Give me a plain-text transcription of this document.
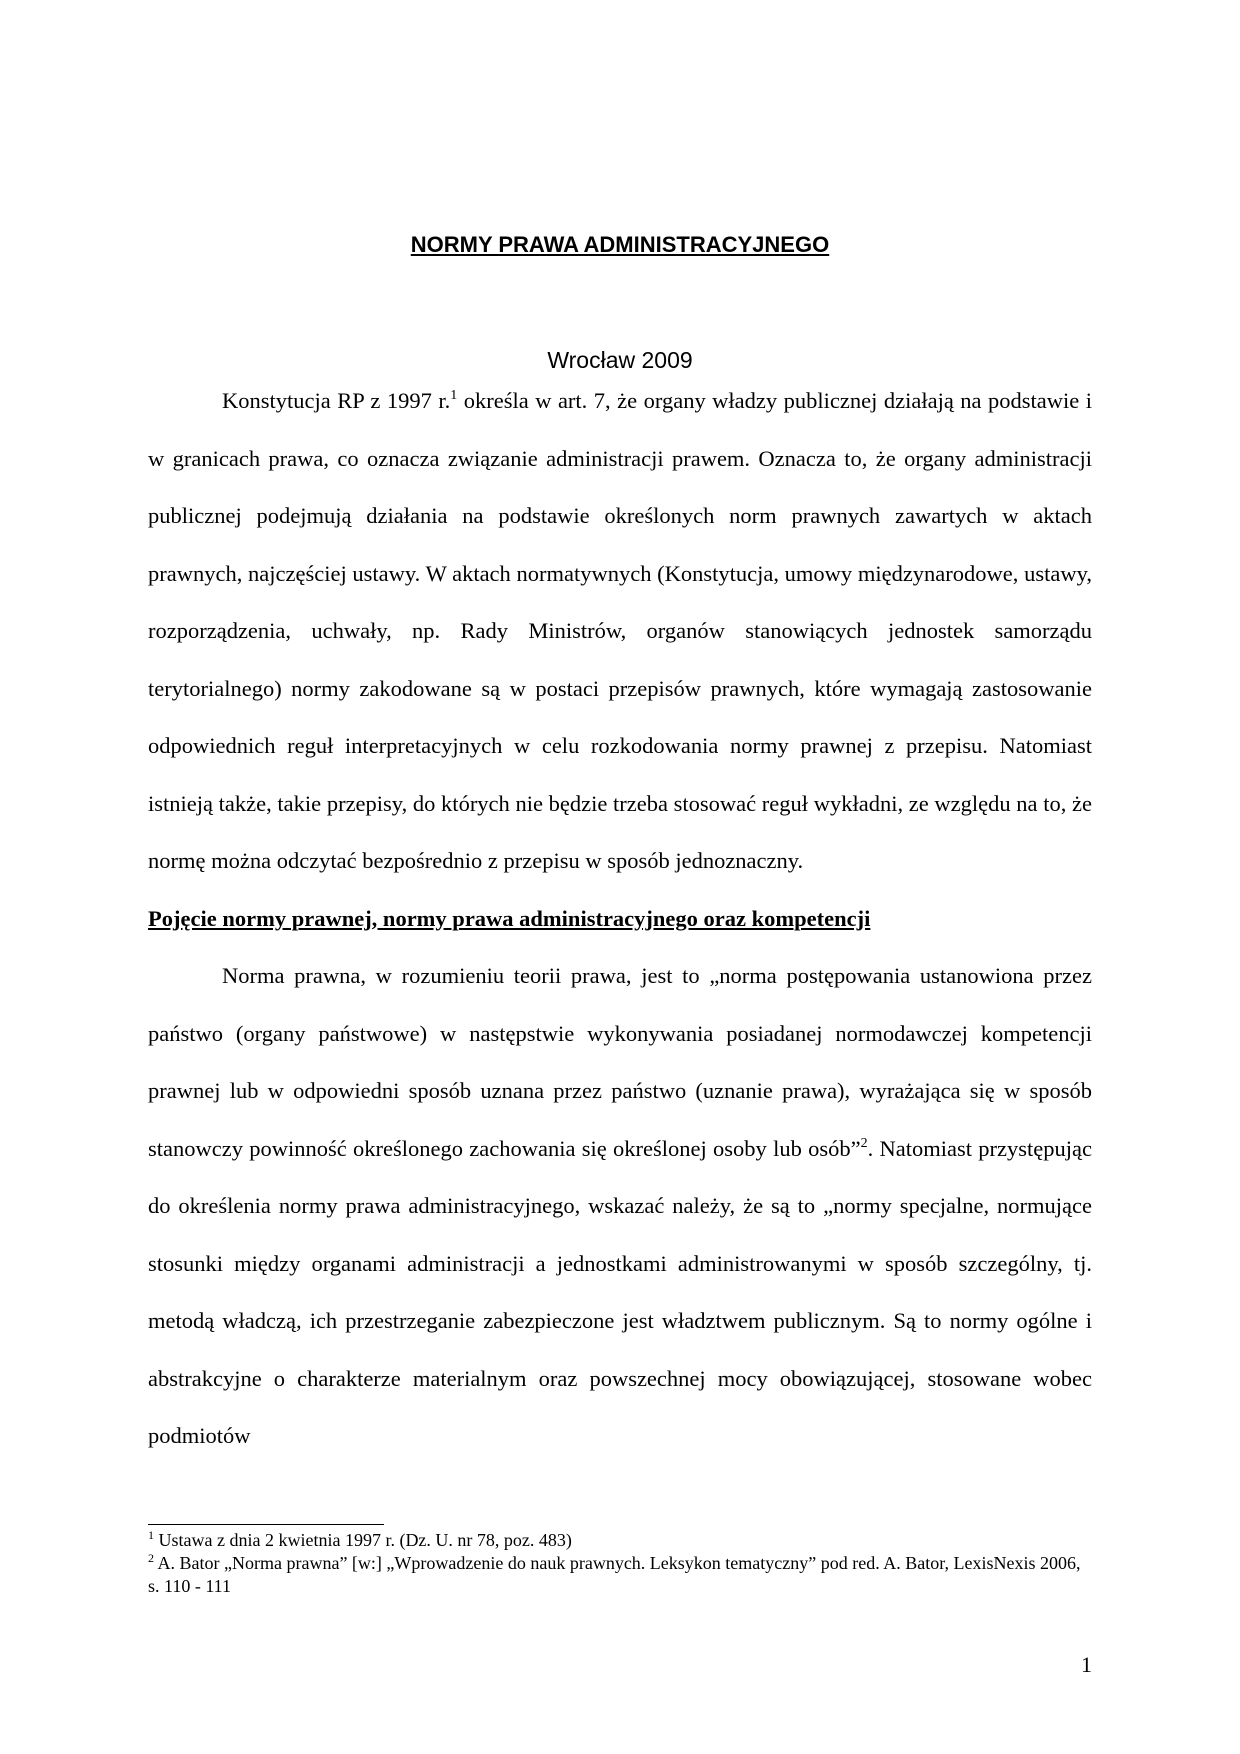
NORMY PRAWA ADMINISTRACYJNEGO
Wrocław 2009

Konstytucja RP z 1997 r.$^1$ określa w art. 7, że organy władzy publicznej działają na podstawie i w granicach prawa, co oznacza związanie administracji prawem. Oznacza to, że organy administracji publicznej podejmują działania na podstawie określonych norm prawnych zawartych w aktach prawnych, najczęściej ustawy. W aktach normatywnych (Konstytucja, umowy międzynarodowe, ustawy, rozporządzenia, uchwały, np. Rady Ministrów, organów stanowiących jednostek samorządu terytorialnego) normy zakodowane są w postaci przepisów prawnych, które wymagają zastosowanie odpowiednich reguł interpretacyjnych w celu rozkodowania normy prawnej z przepisu. Natomiast istnieją także, takie przepisy, do których nie będzie trzeba stosować reguł wykładni, ze względu na to, że normę można odczytać bezpośrednio z przepisu w sposób jednoznaczny.

Pojęcie normy prawnej, normy prawa administracyjnego oraz kompetencji

Norma prawna, w rozumieniu teorii prawa, jest to „norma postępowania ustanowiona przez państwo (organy państwowe) w następstwie wykonywania posiadanej normodawczej kompetencji prawnej lub w odpowiedni sposób uznana przez państwo (uznanie prawa), wyrażająca się w sposób stanowczy powinność określonego zachowania się określonej osoby lub osób”$^2$. Natomiast przystępując do określenia normy prawa administracyjnego, wskazać należy, że są to „normy specjalne, normujące stosunki między organami administracji a jednostkami administrowanymi w sposób szczególny, tj. metodą władczą, ich przestrzeganie zabezpieczone jest władztwem publicznym. Są to normy ogólne i abstrakcyjne o charakterze materialnym oraz powszechnej mocy obowiązującej, stosowane wobec podmiotów

$^1$ Ustawa z dnia 2 kwietnia 1997 r. (Dz. U. nr 78, poz. 483)
$^2$ A. Bator „Norma prawna” [w:] „Wprowadzenie do nauk prawnych. Leksykon tematyczny” pod red. A. Bator, LexisNexis 2006, s. 110 - 111
1
